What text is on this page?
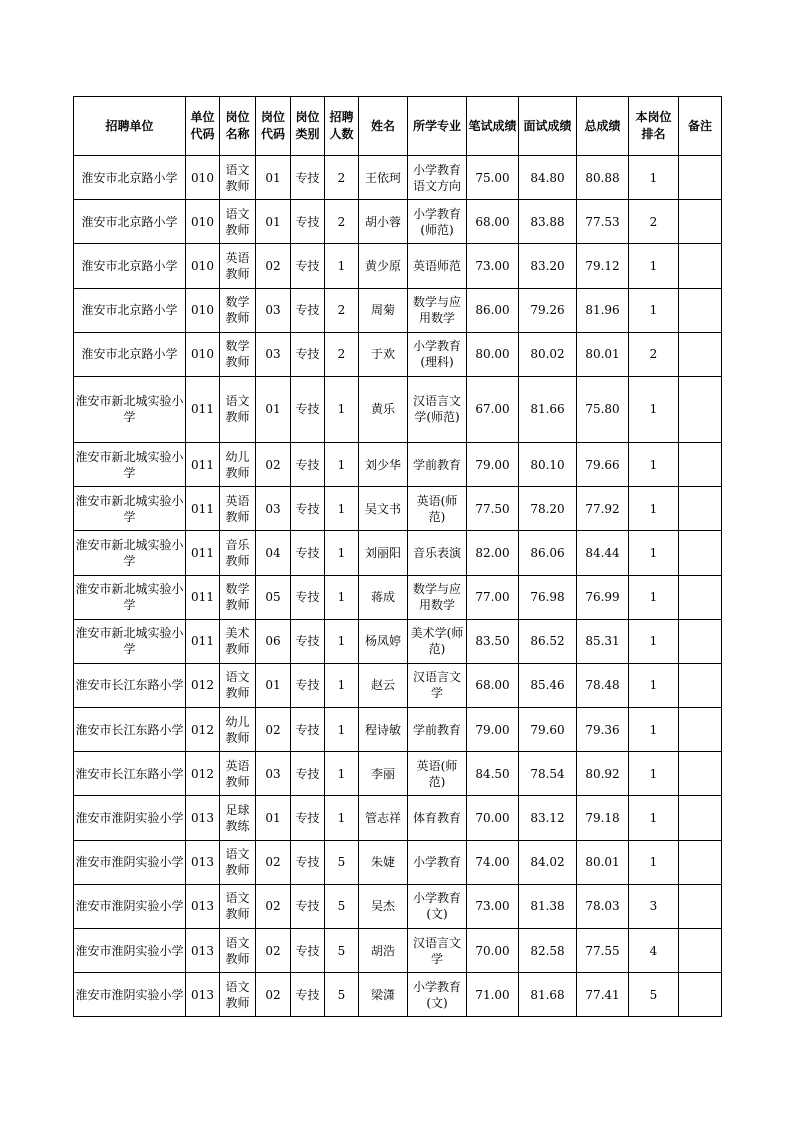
招聘单位	单位代码	岗位名称	岗位代码	岗位类别	招聘人数	姓名	所学专业	笔试成绩	面试成绩	总成绩	本岗位排名	备注
淮安市北京路小学	010	语文教师	01	专技	2	王依珂	小学教育语文方向	75.00	84.80	80.88	1	
淮安市北京路小学	010	语文教师	01	专技	2	胡小蓉	小学教育(师范)	68.00	83.88	77.53	2	
淮安市北京路小学	010	英语教师	02	专技	1	黄少原	英语师范	73.00	83.20	79.12	1	
淮安市北京路小学	010	数学教师	03	专技	2	周菊	数学与应用数学	86.00	79.26	81.96	1	
淮安市北京路小学	010	数学教师	03	专技	2	于欢	小学教育(理科)	80.00	80.02	80.01	2	
淮安市新北城实验小学	011	语文教师	01	专技	1	黄乐	汉语言文学(师范)	67.00	81.66	75.80	1	
淮安市新北城实验小学	011	幼儿教师	02	专技	1	刘少华	学前教育	79.00	80.10	79.66	1	
淮安市新北城实验小学	011	英语教师	03	专技	1	吴文书	英语(师范)	77.50	78.20	77.92	1	
淮安市新北城实验小学	011	音乐教师	04	专技	1	刘丽阳	音乐表演	82.00	86.06	84.44	1	
淮安市新北城实验小学	011	数学教师	05	专技	1	蒋成	数学与应用数学	77.00	76.98	76.99	1	
淮安市新北城实验小学	011	美术教师	06	专技	1	杨凤婷	美术学(师范)	83.50	86.52	85.31	1	
淮安市长江东路小学	012	语文教师	01	专技	1	赵云	汉语言文学	68.00	85.46	78.48	1	
淮安市长江东路小学	012	幼儿教师	02	专技	1	程诗敏	学前教育	79.00	79.60	79.36	1	
淮安市长江东路小学	012	英语教师	03	专技	1	李丽	英语(师范)	84.50	78.54	80.92	1	
淮安市淮阴实验小学	013	足球教练	01	专技	1	管志祥	体育教育	70.00	83.12	79.18	1	
淮安市淮阴实验小学	013	语文教师	02	专技	5	朱婕	小学教育	74.00	84.02	80.01	1	
淮安市淮阴实验小学	013	语文教师	02	专技	5	吴杰	小学教育(文)	73.00	81.38	78.03	3	
淮安市淮阴实验小学	013	语文教师	02	专技	5	胡浩	汉语言文学	70.00	82.58	77.55	4	
淮安市淮阴实验小学	013	语文教师	02	专技	5	梁潇	小学教育(文)	71.00	81.68	77.41	5	
